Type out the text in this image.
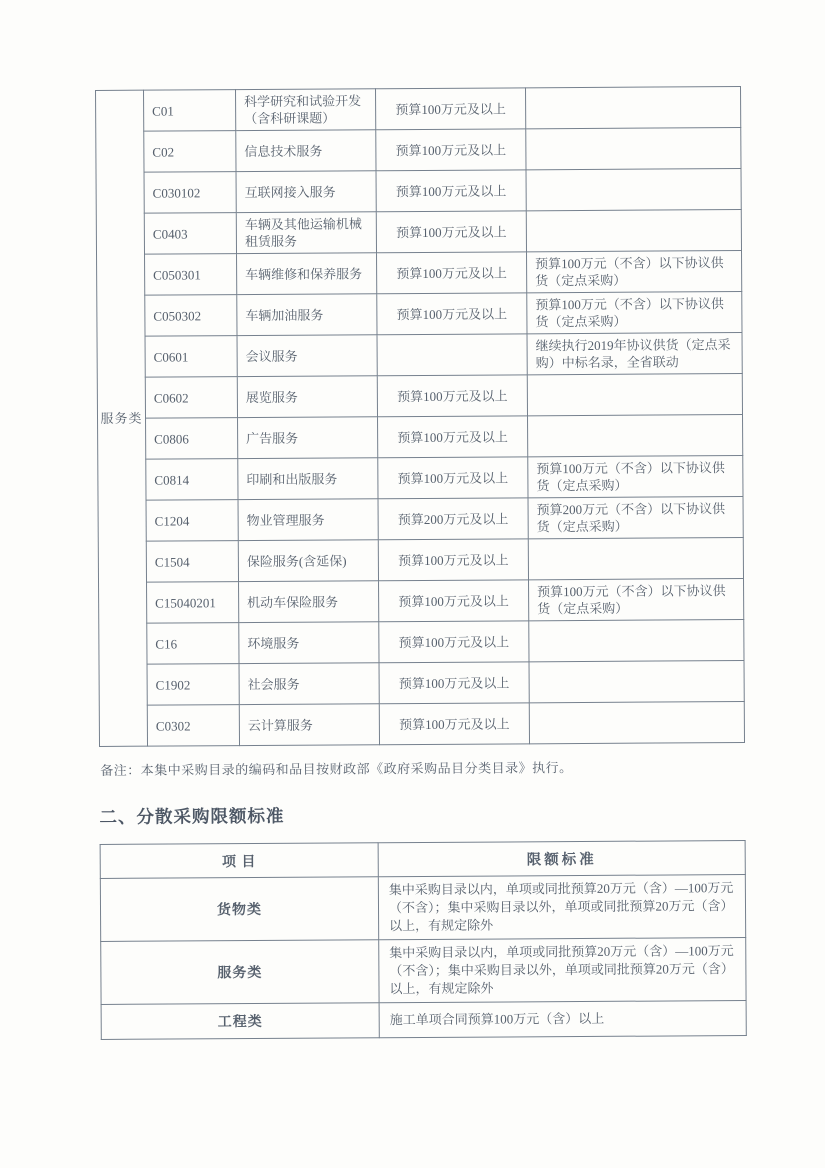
服务类	C01	科学研究和试验开发（含科研课题）	预算100万元及以上	
	C02	信息技术服务	预算100万元及以上	
	C030102	互联网接入服务	预算100万元及以上	
	C0403	车辆及其他运输机械租赁服务	预算100万元及以上	
	C050301	车辆维修和保养服务	预算100万元及以上	预算100万元（不含）以下协议供货（定点采购）
	C050302	车辆加油服务	预算100万元及以上	预算100万元（不含）以下协议供货（定点采购）
	C0601	会议服务		继续执行2019年协议供货（定点采购）中标名录，全省联动
	C0602	展览服务	预算100万元及以上	
	C0806	广告服务	预算100万元及以上	
	C0814	印刷和出版服务	预算100万元及以上	预算100万元（不含）以下协议供货（定点采购）
	C1204	物业管理服务	预算200万元及以上	预算200万元（不含）以下协议供货（定点采购）
	C1504	保险服务(含延保)	预算100万元及以上	
	C15040201	机动车保险服务	预算100万元及以上	预算100万元（不含）以下协议供货（定点采购）
	C16	环境服务	预算100万元及以上	
	C1902	社会服务	预算100万元及以上	
	C0302	云计算服务	预算100万元及以上	
备注：本集中采购目录的编码和品目按财政部《政府采购品目分类目录》执行。
二、分散采购限额标准
项 目	限额标准
货物类	集中采购目录以内，单项或同批预算20万元（含）—100万元（不含）；集中采购目录以外，单项或同批预算20万元（含）以上，有规定除外
服务类	集中采购目录以内，单项或同批预算20万元（含）—100万元（不含）；集中采购目录以外，单项或同批预算20万元（含）以上，有规定除外
工程类	施工单项合同预算100万元（含）以上
